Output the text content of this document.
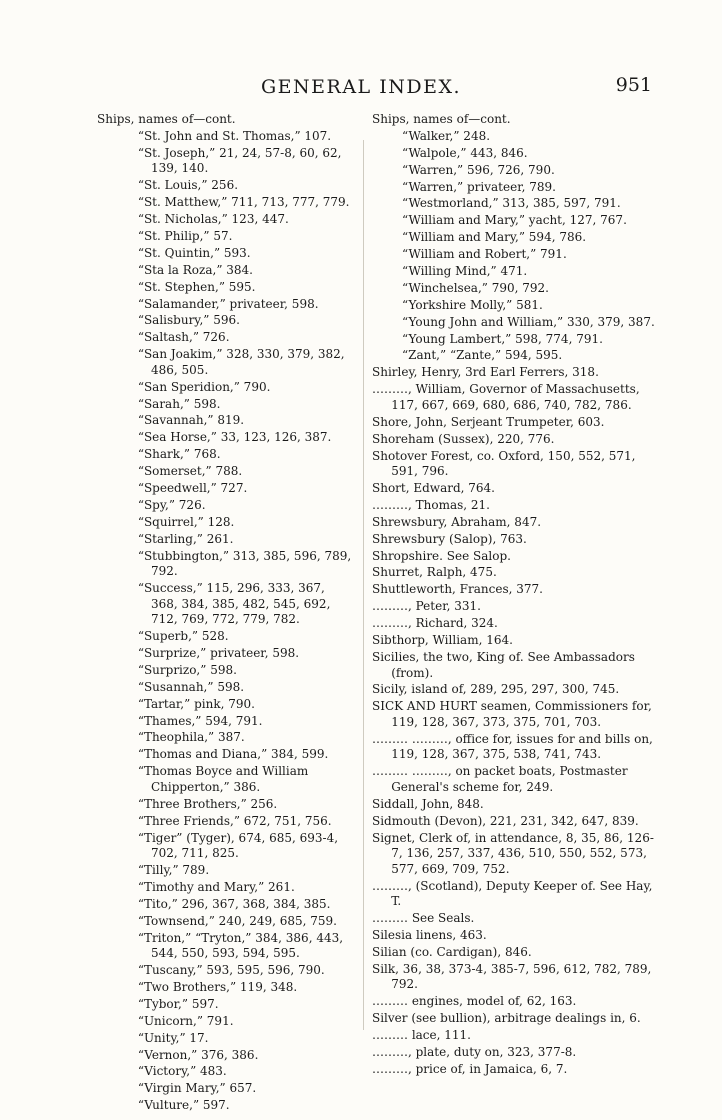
GENERAL INDEX.	951
Ships, names of—cont.
“St. John and St. Thomas,” 107.
“St. Joseph,” 21, 24, 57-8, 60, 62, 139, 140.
“St. Louis,” 256.
“St. Matthew,” 711, 713, 777, 779.
“St. Nicholas,” 123, 447.
“St. Philip,” 57.
“St. Quintin,” 593.
“Sta la Roza,” 384.
“St. Stephen,” 595.
“Salamander,” privateer, 598.
“Salisbury,” 596.
“Saltash,” 726.
“San Joakim,” 328, 330, 379, 382, 486, 505.
“San Speridion,” 790.
“Sarah,” 598.
“Savannah,” 819.
“Sea Horse,” 33, 123, 126, 387.
“Shark,” 768.
“Somerset,” 788.
“Speedwell,” 727.
“Spy,” 726.
“Squirrel,” 128.
“Starling,” 261.
“Stubbington,” 313, 385, 596, 789, 792.
“Success,” 115, 296, 333, 367, 368, 384, 385, 482, 545, 692, 712, 769, 772, 779, 782.
“Superb,” 528.
“Surprize,” privateer, 598.
“Surprizo,” 598.
“Susannah,” 598.
“Tartar,” pink, 790.
“Thames,” 594, 791.
“Theophila,” 387.
“Thomas and Diana,” 384, 599.
“Thomas Boyce and William Chipperton,” 386.
“Three Brothers,” 256.
“Three Friends,” 672, 751, 756.
“Tiger” (Tyger), 674, 685, 693-4, 702, 711, 825.
“Tilly,” 789.
“Timothy and Mary,” 261.
“Tito,” 296, 367, 368, 384, 385.
“Townsend,” 240, 249, 685, 759.
“Triton,” “Tryton,” 384, 386, 443, 544, 550, 593, 594, 595.
“Tuscany,” 593, 595, 596, 790.
“Two Brothers,” 119, 348.
“Tybor,” 597.
“Unicorn,” 791.
“Unity,” 17.
“Vernon,” 376, 386.
“Victory,” 483.
“Virgin Mary,” 657.
“Vulture,” 597.
Ships, names of—cont.
“Walker,” 248.
“Walpole,” 443, 846.
“Warren,” 596, 726, 790.
“Warren,” privateer, 789.
“Westmorland,” 313, 385, 597, 791.
“William and Mary,” yacht, 127, 767.
“William and Mary,” 594, 786.
“William and Robert,” 791.
“Willing Mind,” 471.
“Winchelsea,” 790, 792.
“Yorkshire Molly,” 581.
“Young John and William,” 330, 379, 387.
“Young Lambert,” 598, 774, 791.
“Zant,” “Zante,” 594, 595.
Shirley, Henry, 3rd Earl Ferrers, 318.
………, William, Governor of Massachusetts, 117, 667, 669, 680, 686, 740, 782, 786.
Shore, John, Serjeant Trumpeter, 603.
Shoreham (Sussex), 220, 776.
Shotover Forest, co. Oxford, 150, 552, 571, 591, 796.
Short, Edward, 764.
………, Thomas, 21.
Shrewsbury, Abraham, 847.
Shrewsbury (Salop), 763.
Shropshire. See Salop.
Shurret, Ralph, 475.
Shuttleworth, Frances, 377.
………, Peter, 331.
………, Richard, 324.
Sibthorp, William, 164.
Sicilies, the two, King of. See Ambassadors (from).
Sicily, island of, 289, 295, 297, 300, 745.
SICK AND HURT seamen, Commissioners for, 119, 128, 367, 373, 375, 701, 703.
……… ………, office for, issues for and bills on, 119, 128, 367, 375, 538, 741, 743.
……… ………, on packet boats, Postmaster General's scheme for, 249.
Siddall, John, 848.
Sidmouth (Devon), 221, 231, 342, 647, 839.
Signet, Clerk of, in attendance, 8, 35, 86, 126-7, 136, 257, 337, 436, 510, 550, 552, 573, 577, 669, 709, 752.
………, (Scotland), Deputy Keeper of. See Hay, T.
……… See Seals.
Silesia linens, 463.
Silian (co. Cardigan), 846.
Silk, 36, 38, 373-4, 385-7, 596, 612, 782, 789, 792.
……… engines, model of, 62, 163.
Silver (see bullion), arbitrage dealings in, 6.
……… lace, 111.
………, plate, duty on, 323, 377-8.
………, price of, in Jamaica, 6, 7.
